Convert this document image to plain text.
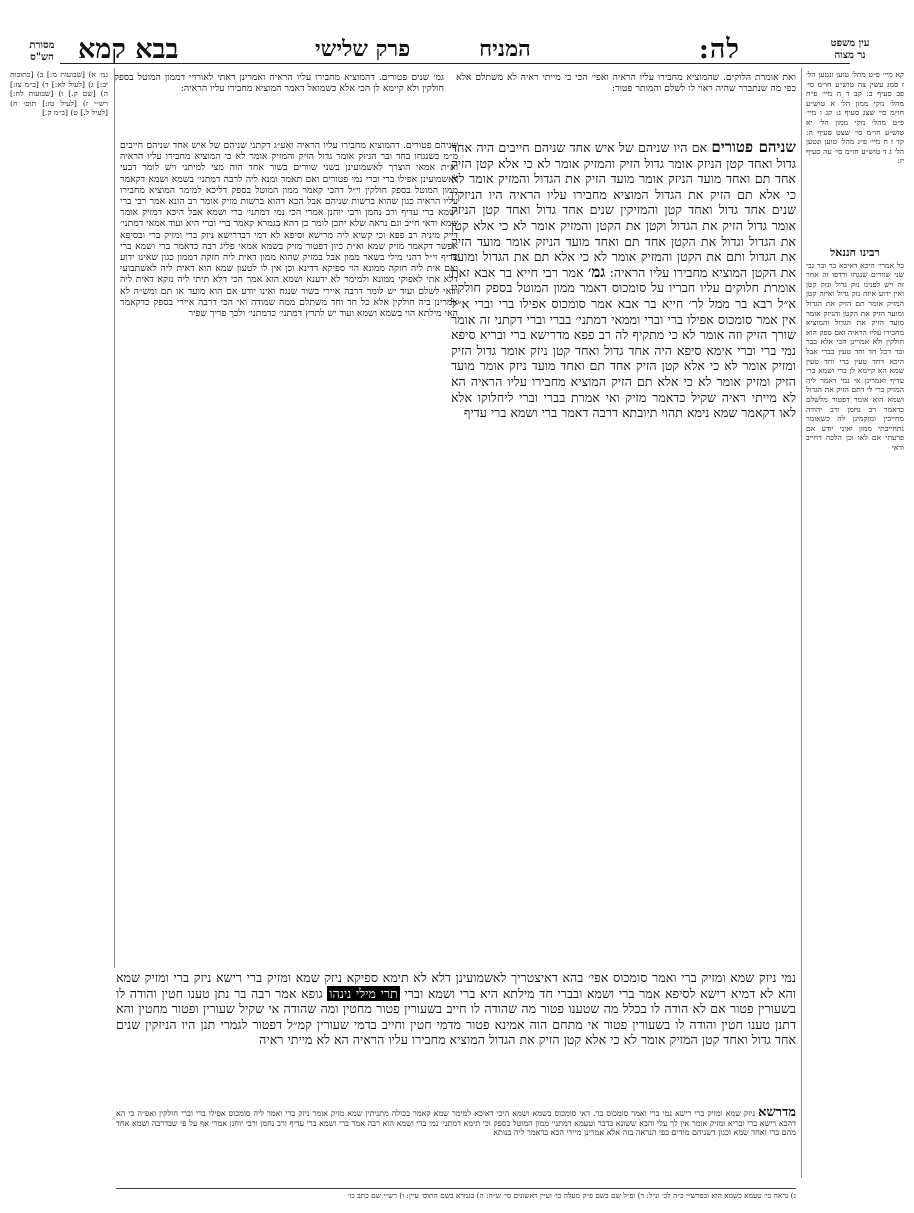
לה:
המניח         פרק שלישי
בבא קמא	עין משפט
נר מצוה
מסורת
הש"ס
קא מיי׳ פ״ט מהל׳ טוען ונטען הל׳ ז סמג עשין צה טוש״ע חו״מ סי׳ פב סעיף ב: קב ד ה מיי׳ פ״ח מהל׳ נזקי ממון הל׳ א טוש״ע חו״מ סי׳ שצג סעיף ג: קג ו מיי׳ פ״ט מהל׳ נזקי ממון הל׳ יא טוש״ע חו״מ סי׳ שצט סעיף ה: קד ז ח מיי׳ פ״ג מהל׳ טוען ונטען הל׳ ג ד טוש״ע חו״מ סי׳ עה סעיף יז:
גמ׳ א) [שבועות מ:] ב) [כתובות יב:] ג) [לעיל לא:] ד) [ב״מ צז:] ה) [שם ק.] ו) [שבועות לח:] רש״י ז) [לעיל טז:] תוס׳ ח) [לעיל ל.] ט) [ב״מ ק.]
רבינו חננאל
כל אמרי׳ היכא דאיכא בר ובר גבי שני שוורים שנגחו ורדפו זה אחר זה ויש לפנינו נזק גדול ונזק קטן ואין ידוע איזה נזק גדול ואיזה קטן המזיק אומר תם הזיק את הגדול ומועד הזיק את הקטן והניזק אומר מועד הזיק את הגדול והמוציא מחבירו עליו הראיה ואם ספק הוא חולקין ולא אמרינן הכי אלא בבר ובר דכל חד וחד טעין בברי אבל היכא דחד טעין ברי וחד טעין שמא הא קיימא לן ברי ושמא ברי עדיף ואמרינן אי נמי דאמר ליה המזיק ברי לי דתם הזיק את הגדול ושמא הוא אומר דפטור מלשלם כדאמר רב נחמן ורב יהודה מחייבין ומוקמינן לה כשאומר נתחייבתי ממון ואיני יודע אם פרעתי אם לאו וכן הלכה דחייב ודאי
ואת אומרת הלוקים. שהמוציא מחבירו עליו הראיה ואפי׳ הכי כי מייתי ראיה לא משתלם אלא כפי מה שנתברר שהיה ראוי לו לשלם והמותר פטור:
גמ׳ שנים פטורים. דהמוציא מחבירו עליו הראיה ואמרינן דאתי לאורויי דממון המוטל בספק חולקין ולא קיימא לן הכי אלא כשמואל דאמר המוציא מחבירו עליו הראיה:
שניהם פטורים אם היו שניהם של איש אחד שניהם חייבים היה אחד גדול ואחד קטן הניזק אומר גדול הזיק והמזיק אומר לא כי אלא קטן הזיק אחד תם ואחד מועד הניזק אומר מועד הזיק את הגדול והמזיק אומר לא כי אלא תם הזיק את הגדול המוציא מחבירו עליו הראיה היו הניזקין שנים אחד גדול ואחד קטן והמזיקין שנים אחד גדול ואחד קטן הניזק אומר גדול הזיק את הגדול וקטן את הקטן והמזיק אומר לא כי אלא קטן את הגדול וגדול את הקטן אחד תם ואחד מועד הניזק אומר מועד הזיק את הגדול ותם את הקטן והמזיק אומר לא כי אלא תם את הגדול ומועד את הקטן המוציא מחבירו עליו הראיה: גמ׳ אמר רבי חייא בר אבא זאת אומרת חלוקים עליו חבריו על סומכוס דאמר ממון המוטל בספק חולקין א״ל רבא בר ממל לר׳ חייא בר אבא אמר סומכוס אפילו ברי וברי א״ל אין אמר סומכוס אפילו ברי וברי וממאי דמתני׳ בברי וברי דקתני זה אומר שורך הזיק וזה אומר לא כי מתקיף לה רב פפא מדרישא ברי ובריא סיפא נמי ברי וברי אימא סיפא היה אחד גדול ואחד קטן ניזק אומר גדול הזיק ומזיק אומר לא כי אלא קטן הזיק אחד תם ואחד מועד ניזק אומר מועד הזיק ומזיק אומר לא כי אלא תם הזיק המוציא מחבירו עליו הראיה הא לא מייתי ראיה שקיל כדאמר מזיק ואי אמרת בברי וברי ליחלוקו אלא לאו דקאמר שמא נימא תהוי תיובתא דרבה דאמר ברי ושמא ברי עדיף
שניהם פטורים. דהמוציא מחבירו עליו הראיה ואע״ג דקתני שניהם של איש אחד שניהם חייבים מ״מ כשנגחו בחד ובר הניזק אומר גדול הזיק והמזיק אומר לא כי המוציא מחבירו עליו הראיה וא״ת אמאי הוצרך לאשמועינן בשני שוורים בשור אחד הוה מצי למיתני ויש לומר דבעי לאשמועינן אפילו ברי וברי נמי פטורים ואם תאמר ומנא ליה לרבה דמתני׳ בשמא ושמא דקאמר ממון המוטל בספק חולקין וי״ל דהכי קאמר ממון המוטל בספק דליכא למימר המוציא מחבירו עליו הראיה כגון שהוא ברשות שניהם אבל הכא דהוא ברשות מזיק אומר רב הונא אמר רבי ברי ושמא ברי עדיף ורב נחמן ורבי יוחנן אמרי הכי נמי דמתני׳ ברי ושמא אבל היכא דמזיק אומר שמא ודאי חייב וגם נראה שלא יתכן לומר כן דהא בגמרא קאמר ברי וברי היא ועוד אמאי דמתני׳ דייק מיניה רב פפא וכי קשיא ליה מרישא וסיפא לא דמי דבדרישא ניזק ברי ומזיק ברי ובסיפא אפשר דקאמר מזיק שמא וא״ת כיון דפטור מזיק בשמא אמאי פליג רבה כדאמר ברי ושמא ברי עדיף וי״ל דהני מילי בשאר ממון אבל במזיק שהוא ממון דאית ליה חזקה דממון כגון שאינו ידוע ואם אית ליה חזקה ממונא הוי ספיקא דדינא וכן אין לו לטעון שמא הוא דאית ליה לאשתבועי דלא אתי לאפוקי ממונא ולמימר לא ידענא ושמא הוא אמר הכי דלא תיתי ליה נזקא דאית ליה ודאי לשלם ועוד יש לומר דרבה איירי בשור שנגח ואינו יודע אם הוא מועד או תם ומש״ה לא אמרינן ביה חולקין אלא כל חד וחד משתלם ממה שמודה ואי הכי דרבה איירי בספק כדקאמר האי מילתא הוי בשמא ושמא ועוד יש לתרץ דמתני׳ כדמתני׳ ולכך פריך שפיר
נמי ניזק שמא ומזיק ברי ואמר סומכוס אפי׳ בהא דאיצטריך לאשמועינן דלא לא תימא ספיקא ניזק שמא ומזיק ברי רישא ניזק ברי ומזיק שמא והא לא דמיא רישא לסיפא אמר ברי ושמא ובברי חד מילתא היא ברי ושמא וברי תרי מילי נינהו גופא אמר רבה בר נתן טענו חטין והודה לו בשעורין פטור אם לא הודה לו בכלל מה שטענו פטור מה שהודה לו חייב בשעורין פטור מחטין ומה שהודה אי שקיל שעורין ופטור מחטין והא דתנן טענו חטין והודה לו בשעורין פטור אי מתחם הוה אמינא פטור מדמי חטין וחייב בדמי שעורין קמ״ל דפטור לגמרי תנן היו הניזקין שנים אחד גדול ואחד קטן המזיק אומר לא כי אלא קטן הזיק את הגדול המוציא מחבירו עליו הראיה הא לא מייתי ראיה
מדרשא ניזק שמא ומזיק ברי רישא נמי ברי ואמר סומכוס בר. דאי סומכוס בשמא ושמא היכי דאיכא למימר שמא קאמר בכולה מתניתין שמא מזיק אומר ניזק ברי ואמר ליה סומכוס אפילו ברי וברי חולקין ואפ״ה כי הא דהכא רישא ברי ובריא ומזיק אומר אין לך עלי והבא ששונא בדבר וטעמא דמתני׳ ממון המוטל בספק וכי תימא דמתני׳ נמי ברי ושמא הוא רבה אמר ברי ושמא ברי עדיף ורב נחמן ורבי יוחנן אמרי אף על פי שבדרבה ושמא אחד מהם ברי ואחד שמא וכגון דשניהם מודים כפי הנראה בזה אלא אמרינן מיירי הכא בדאמר ליה בנותא
ג) נראה כי׳ טעמא כשמא הוא ובפרש״י כ״ה לכ׳ ונ״ל: ד) ופ״ל שם בשם פ״ק מעלה כו׳ ועיין ראשונים סי׳ ש״ה: ה) בגמרא בשם התוס׳ עיין: ו) רש״י שם כתב כו׳
